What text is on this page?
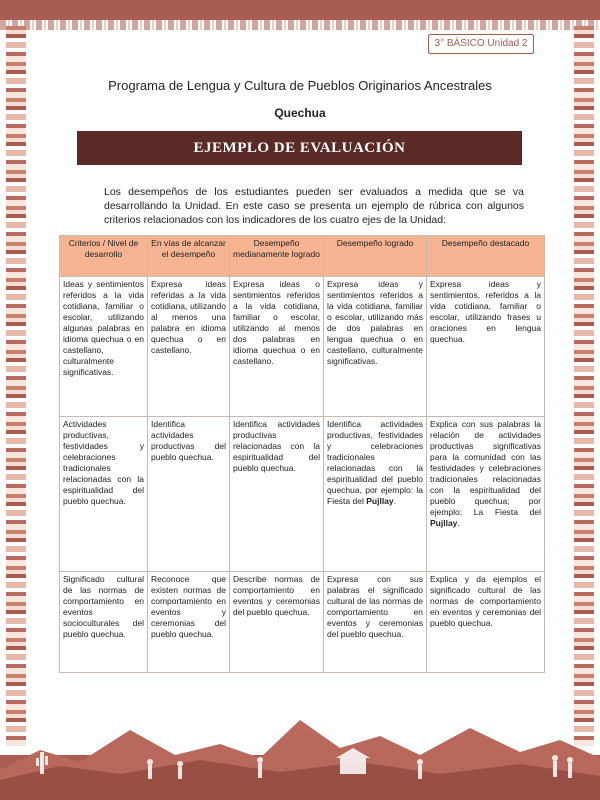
3° BÁSICO Unidad 2
Programa de Lengua y Cultura de Pueblos Originarios Ancestrales
Quechua
EJEMPLO DE EVALUACIÓN
Los desempeños de los estudiantes pueden ser evaluados a medida que se va desarrollando la Unidad. En este caso se presenta un ejemplo de rúbrica con algunos criterios relacionados con los indicadores de los cuatro ejes de la Unidad:
Criterios / Nivel de desarrollo	En vías de alcanzar el desempeño	Desempeño medianamente logrado	Desempeño logrado	Desempeño destacado
Ideas y sentimientos referidos a la vida cotidiana, familiar o escolar, utilizando algunas palabras en idioma quechua o en castellano, culturalmente significativas.	Expresa ideas referidas a la vida cotidiana, utilizando al menos una palabra en idioma quechua o en castellano.	Expresa ideas o sentimientos referidos a la vida cotidiana, familiar o escolar, utilizando al menos dos palabras en idioma quechua o en castellano.	Expresa ideas y sentimientos referidos a la vida cotidiana, familiar o escolar, utilizando más de dos palabras en lengua quechua o en castellano, culturalmente significativas.	Expresa ideas y sentimientos, referidos a la vida cotidiana, familiar o escolar, utilizando frases u oraciones en lengua quechua.
Actividades productivas, festividades y celebraciones tradicionales relacionadas con la espiritualidad del pueblo quechua.	Identifica actividades productivas del pueblo quechua.	Identifica actividades productivas relacionadas con la espiritualidad del pueblo quechua.	Identifica actividades productivas, festividades y celebraciones tradicionales relacionadas con la espiritualidad del pueblo quechua, por ejemplo: la Fiesta del Pujllay.	Explica con sus palabras la relación de actividades productivas significativas para la comunidad con las festividades y celebraciones tradicionales relacionadas con la espiritualidad del pueblo quechua; por ejemplo: La Fiesta del Pujllay.
Significado cultural de las normas de comportamiento en eventos socioculturales del pueblo quechua.	Reconoce que existen normas de comportamiento en eventos y ceremonias del pueblo quechua.	Describe normas de comportamiento en eventos y ceremonias del pueblo quechua.	Expresa con sus palabras el significado cultural de las normas de comportamiento en eventos y ceremonias del pueblo quechua.	Explica y da ejemplos el significado cultural de las normas de comportamiento en eventos y ceremonias del pueblo quechua.
